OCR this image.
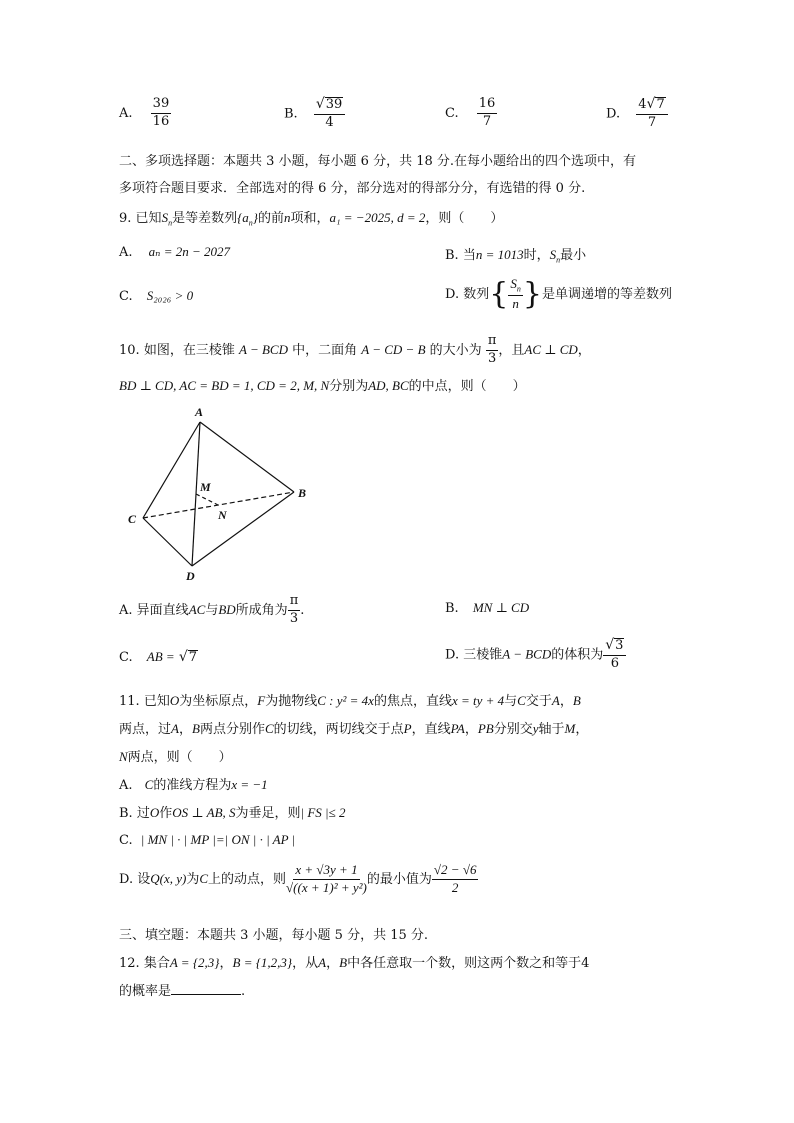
A. $\frac{39}{16}$	B. $\frac{√ 39}{4}$	C. $\frac{16}{7}$	D. $\frac{4 √ 7}{7}$
二、多项选择题：本题共 3 小题，每小题 6 分，共 18 分.在每小题给出的四个选项中，有
多项符合题目要求．全部选对的得 6 分，部分选对的得部分分，有选错的得 0 分.
9. 已知$S_n$是等差数列$\{a_n\}$的前n项和，a₁ = −2025, d = 2，则（　　）
A. aₙ = 2n − 2027	B. 当n = 1013时，$S_n$最小
C. S₂₀₂₆ > 0	D. 数列{ $\frac{S_n}{n}$ }是单调递增的等差数列
10. 如图，在三棱锥 A − BCD 中，二面角 A − CD − B 的大小为 $\frac{\pi}{3}$ ，且AC ⊥ CD，
BD ⊥ CD, AC = BD = 1, CD = 2, M, N分别为AD, BC的中点，则（　　）
A
B
C
D
M
N
A. 异面直线AC与BD所成角为 $\frac{\pi}{3}$ .	B. MN ⊥ CD
C. AB = √ 7	D. 三棱锥A − BCD的体积为 $\frac{√ 3}{6}$
11. 已知O为坐标原点，F为抛物线C : y² = 4x的焦点，直线x = ty + 4与C交于A，B
两点，过A，B两点分别作C的切线，两切线交于点P，直线PA，PB分别交y轴于M，
N两点，则（　　）
A. C的准线方程为x = −1
B. 过O作OS ⊥ AB, S为垂足，则| FS |≤ 2
C. | MN | · | MP |=| ON | · | AP |
D. 设Q(x, y)为C上的动点，则 $\frac{x + √3y + 1}{\text{√((x + 1)² + y²)}}$ 的最小值为 $\frac{√2 - √6}{2}$
三、填空题：本题共 3 小题，每小题 5 分，共 15 分.
12. 集合A = {2,3}，B = {1,2,3}，从A，B中各任意取一个数，则这两个数之和等于4
的概率是	.
